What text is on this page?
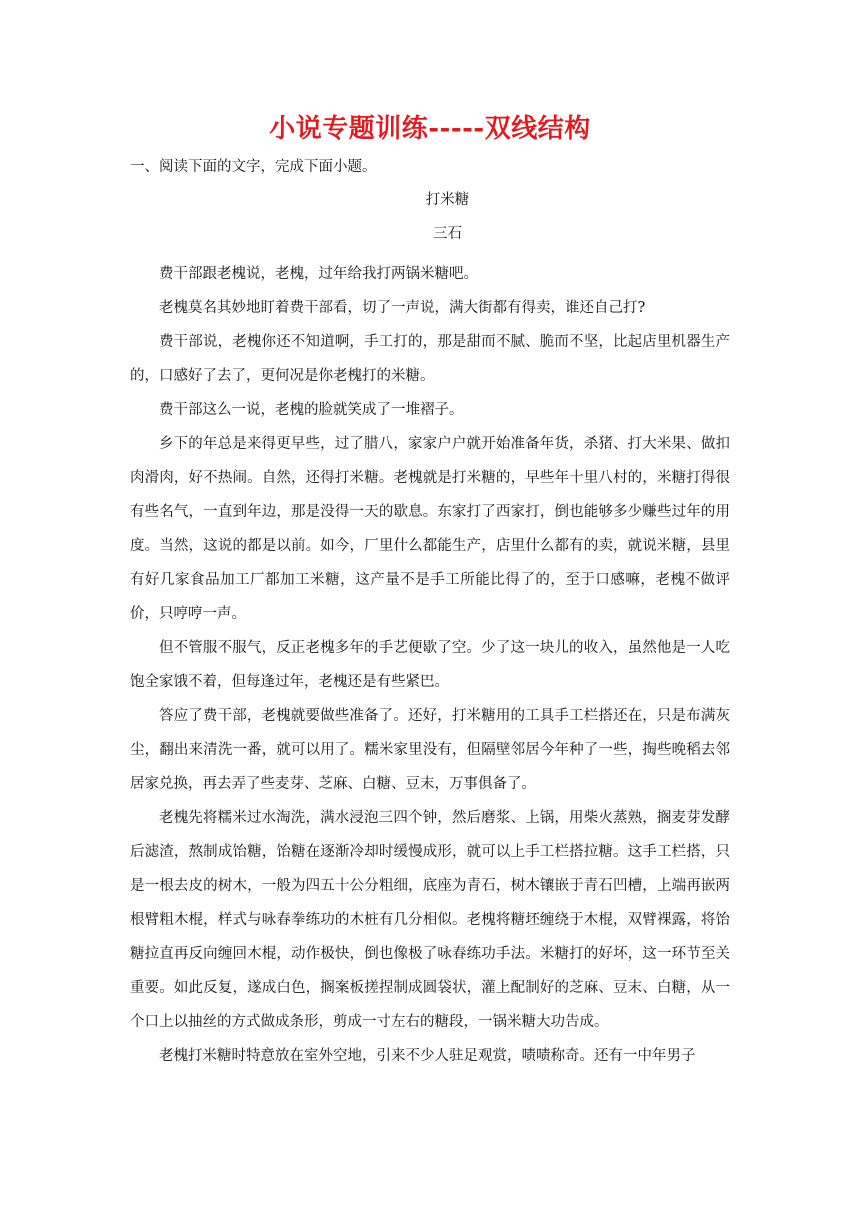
小说专题训练-----双线结构
一、阅读下面的文字，完成下面小题。
打米糖
三石

费干部跟老槐说，老槐，过年给我打两锅米糖吧。

老槐莫名其妙地盯着费干部看，切了一声说，满大街都有得卖，谁还自己打?

费干部说，老槐你还不知道啊，手工打的，那是甜而不腻、脆而不坚，比起店里机器生产的，口感好了去了，更何况是你老槐打的米糖。

费干部这么一说，老槐的脸就笑成了一堆褶子。

乡下的年总是来得更早些，过了腊八，家家户户就开始准备年货，杀猪、打大米果、做扣肉滑肉，好不热闹。自然，还得打米糖。老槐就是打米糖的，早些年十里八村的，米糖打得很有些名气，一直到年边，那是没得一天的歇息。东家打了西家打，倒也能够多少赚些过年的用度。当然，这说的都是以前。如今，厂里什么都能生产，店里什么都有的卖，就说米糖，县里有好几家食品加工厂都加工米糖，这产量不是手工所能比得了的，至于口感嘛，老槐不做评价，只哼哼一声。

但不管服不服气，反正老槐多年的手艺便歇了空。少了这一块儿的收入，虽然他是一人吃饱全家饿不着，但每逢过年，老槐还是有些紧巴。

答应了费干部，老槐就要做些准备了。还好，打米糖用的工具手工栏搭还在，只是布满灰尘，翻出来清洗一番，就可以用了。糯米家里没有，但隔壁邻居今年种了一些，掏些晚稻去邻居家兑换，再去弄了些麦芽、芝麻、白糖、豆末，万事俱备了。

老槐先将糯米过水淘洗，满水浸泡三四个钟，然后磨浆、上锅，用柴火蒸熟，搁麦芽发酵后滤渣，熬制成饴糖，饴糖在逐渐冷却时缓慢成形，就可以上手工栏搭拉糖。这手工栏搭，只是一根去皮的树木，一般为四五十公分粗细，底座为青石，树木镶嵌于青石凹槽，上端再嵌两根臂粗木棍，样式与咏春拳练功的木桩有几分相似。老槐将糖坯缠绕于木棍，双臂裸露，将饴糖拉直再反向缠回木棍，动作极快，倒也像极了咏春练功手法。米糖打的好坏，这一环节至关重要。如此反复，遂成白色，搁案板搓捏制成圆袋状，灌上配制好的芝麻、豆末、白糖，从一个口上以抽丝的方式做成条形，剪成一寸左右的糖段，一锅米糖大功告成。

老槐打米糖时特意放在室外空地，引来不少人驻足观赏，啧啧称奇。还有一中年男子
